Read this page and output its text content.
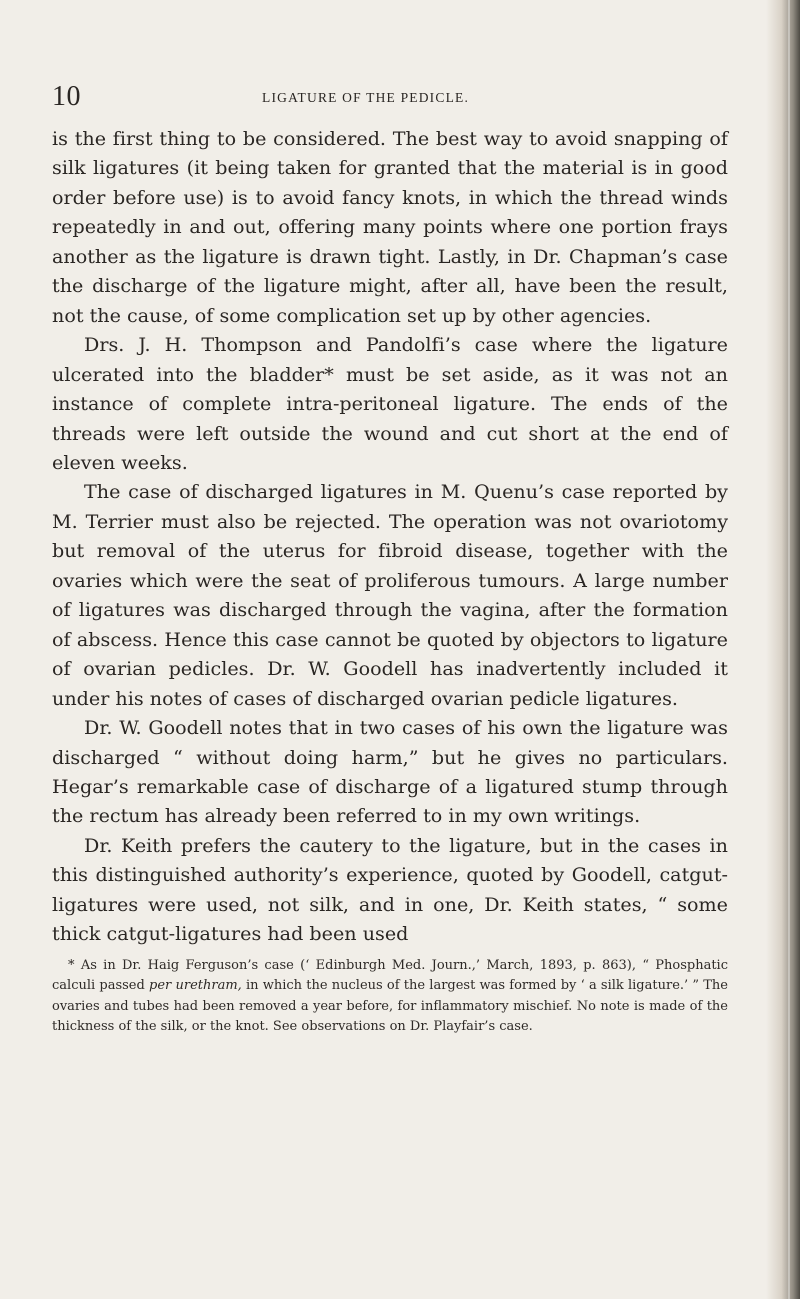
10	LIGATURE OF THE PEDICLE.

is the first thing to be considered. The best way to avoid snapping of silk ligatures (it being taken for granted that the material is in good order before use) is to avoid fancy knots, in which the thread winds repeatedly in and out, offering many points where one portion frays another as the ligature is drawn tight. Lastly, in Dr. Chapman’s case the discharge of the ligature might, after all, have been the result, not the cause, of some complication set up by other agencies.

Drs. J. H. Thompson and Pandolfi’s case where the ligature ulcerated into the bladder* must be set aside, as it was not an instance of complete intra-peritoneal ligature. The ends of the threads were left outside the wound and cut short at the end of eleven weeks.

The case of discharged ligatures in M. Quenu’s case reported by M. Terrier must also be rejected. The operation was not ovariotomy but removal of the uterus for fibroid disease, together with the ovaries which were the seat of proliferous tumours. A large number of ligatures was discharged through the vagina, after the formation of abscess. Hence this case cannot be quoted by objectors to ligature of ovarian pedicles. Dr. W. Goodell has inadvertently included it under his notes of cases of discharged ovarian pedicle ligatures.

Dr. W. Goodell notes that in two cases of his own the ligature was discharged “ without doing harm,” but he gives no particulars. Hegar’s remarkable case of discharge of a ligatured stump through the rectum has already been referred to in my own writings.

Dr. Keith prefers the cautery to the ligature, but in the cases in this distinguished authority’s experience, quoted by Goodell, catgut-ligatures were used, not silk, and in one, Dr. Keith states, “ some thick catgut-ligatures had been used

* As in Dr. Haig Ferguson’s case (‘ Edinburgh Med. Journ.,’ March, 1893, p. 863), “ Phosphatic calculi passed per urethram, in which the nucleus of the largest was formed by ‘ a silk ligature.’ ” The ovaries and tubes had been removed a year before, for inflammatory mischief. No note is made of the thickness of the silk, or the knot. See observations on Dr. Playfair’s case.
